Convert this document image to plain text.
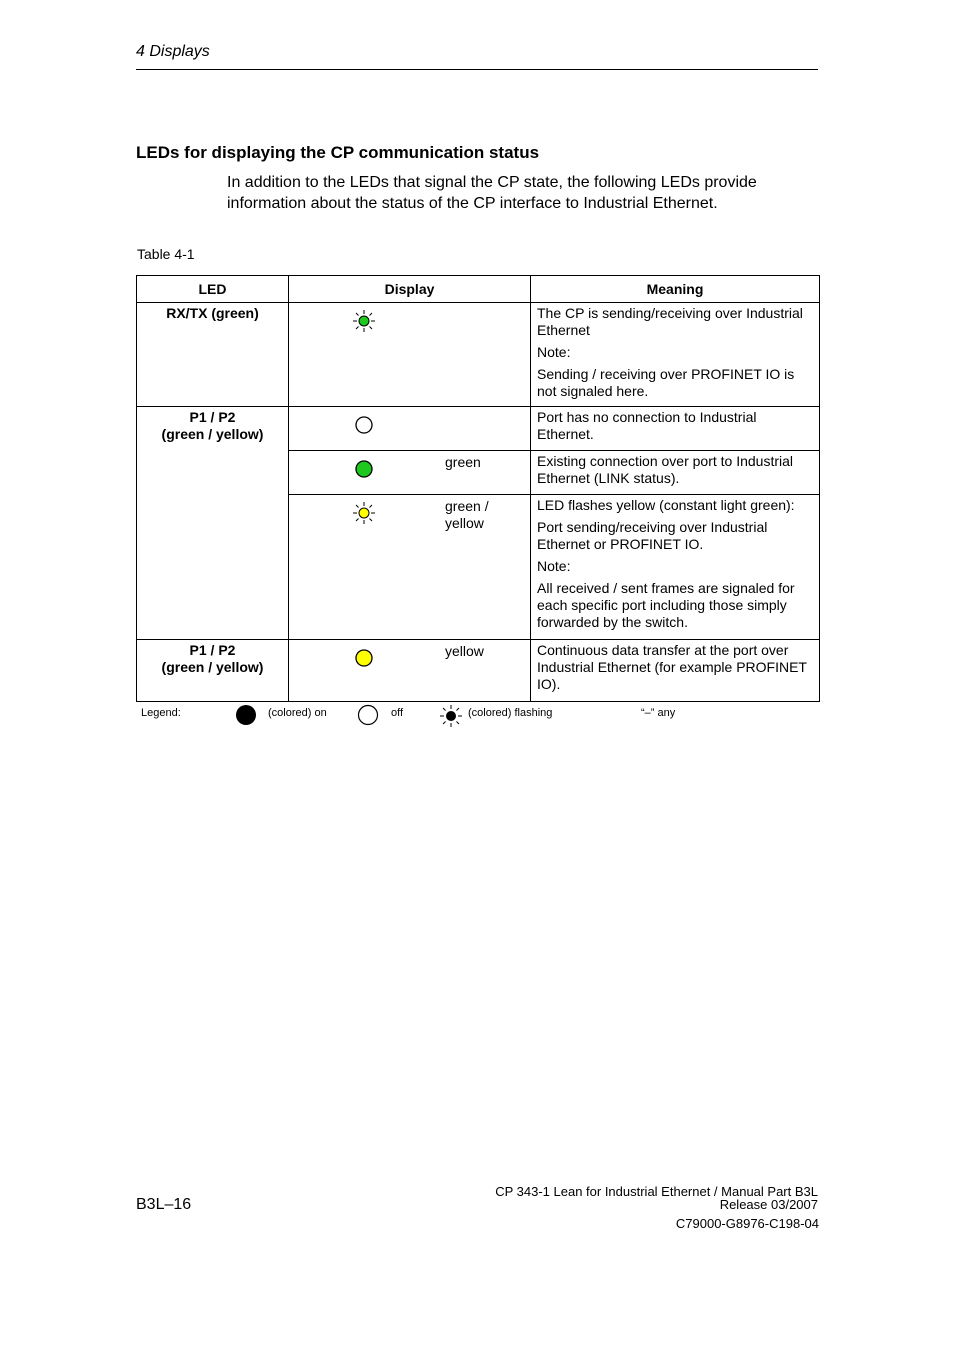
4 Displays
LEDs for displaying the CP communication status
In addition to the LEDs that signal the CP state, the following LEDs provide information about the status of the CP interface to Industrial Ethernet.
Table 4-1
LED	Display	Meaning

RX/TX (green)		The CP is sending/receiving over Industrial Ethernet

Note:

Sending / receiving over PROFINET IO is not signaled here.

P1 / P2
(green / yellow)		Port has no connection to Industrial Ethernet.

	green	Existing connection over port to Industrial Ethernet (LINK status).

	green / yellow	LED flashes yellow (constant light green):

Port sending/receiving over Industrial Ethernet or PROFINET IO.

Note:

All received / sent frames are signaled for each specific port including those simply forwarded by the switch.

P1 / P2
(green / yellow)	yellow	Continuous data transfer at the port over Industrial Ethernet (for example PROFINET IO).

Legend:	(colored) on	off	(colored) flashing	“–” any
B3L–16
CP 343-1 Lean for Industrial Ethernet / Manual Part B3L
Release 03/2007
C79000-G8976-C198-04
